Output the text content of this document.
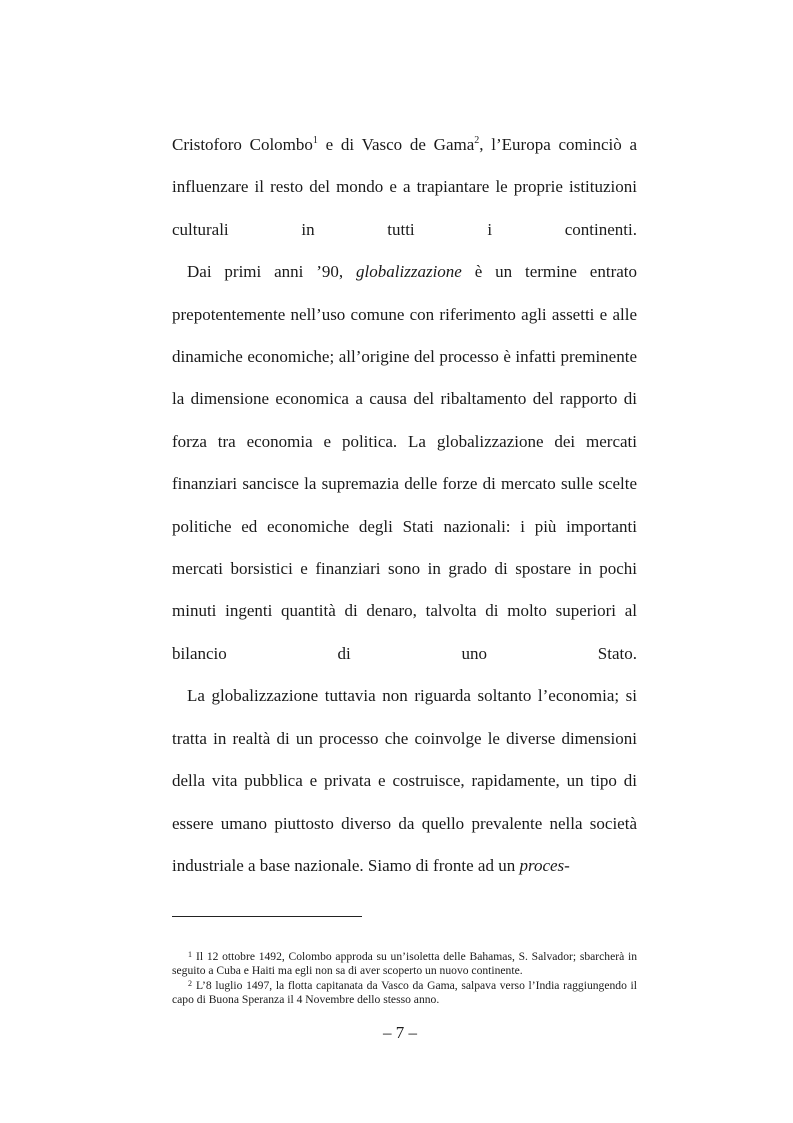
Cristoforo Colombo$^1$ e di Vasco de Gama$^2$, l’Europa cominciò a influenzare il resto del mondo e a trapiantare le proprie istituzioni culturali in tutti i continenti.

Dai primi anni ’90, globalizzazione è un termine entrato prepotentemente nell’uso comune con riferimento agli assetti e alle dinamiche economiche; all’origine del processo è infatti preminente la dimensione economica a causa del ribaltamento del rapporto di forza tra economia e politica. La globalizzazione dei mercati finanziari sancisce la supremazia delle forze di mercato sulle scelte politiche ed economiche degli Stati nazionali: i più importanti mercati borsistici e finanziari sono in grado di spostare in pochi minuti ingenti quantità di denaro, talvolta di molto superiori al bilancio di uno Stato.

La globalizzazione tuttavia non riguarda soltanto l’economia; si tratta in realtà di un processo che coinvolge le diverse dimensioni della vita pubblica e privata e costruisce, rapidamente, un tipo di essere umano piuttosto diverso da quello prevalente nella società industriale a base nazionale. Siamo di fronte ad un proces-

$^1$ Il 12 ottobre 1492, Colombo approda su un’isoletta delle Bahamas, S. Salvador; sbarcherà in seguito a Cuba e Haiti ma egli non sa di aver scoperto un nuovo continente.

$^2$ L’8 luglio 1497, la flotta capitanata da Vasco da Gama, salpava verso l’India raggiungendo il capo di Buona Speranza il 4 Novembre dello stesso anno.

– 7 –
